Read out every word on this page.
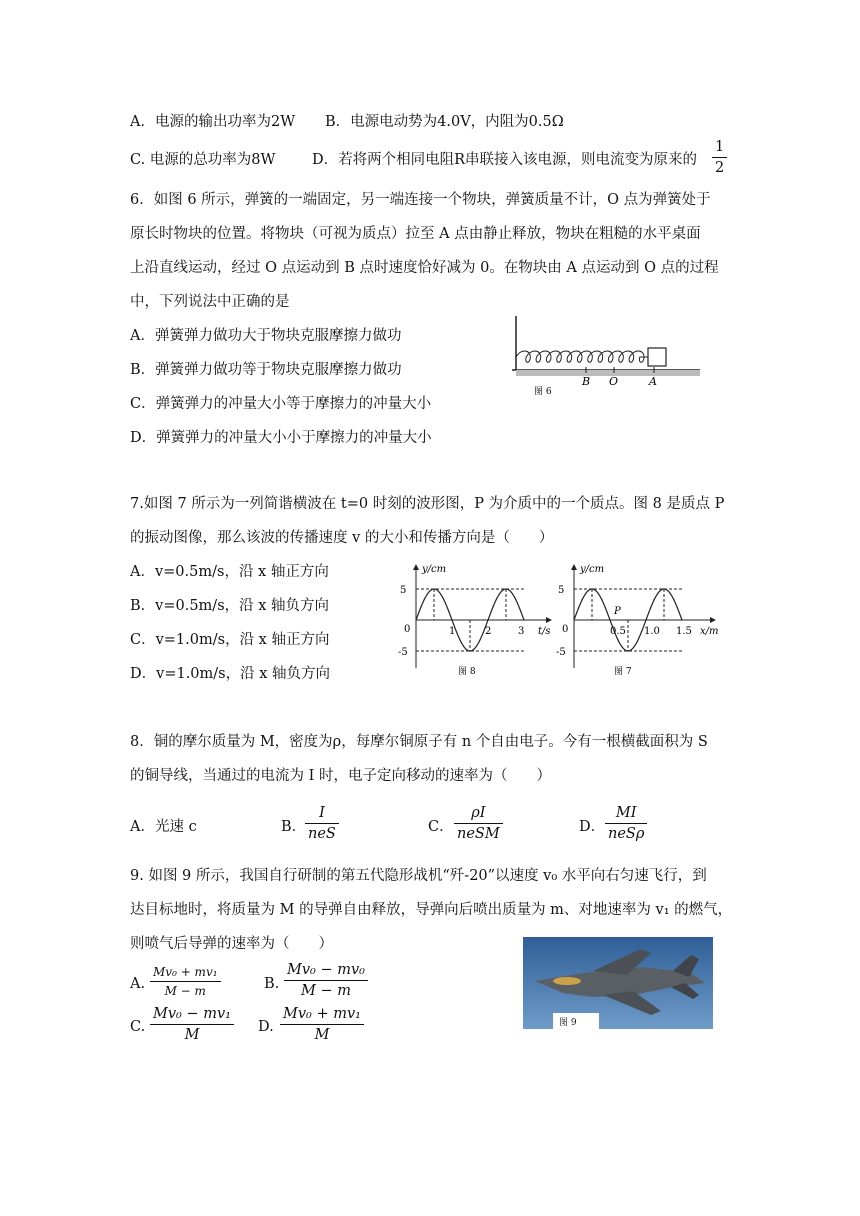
A．电源的输出功率为2W B．电源电动势为4.0V，内阻为0.5Ω
C. 电源的总功率为8W	D．若将两个相同电阻R串联接入该电源，则电流变为原来的 $\frac{1}{2}$
6．如图 6 所示，弹簧的一端固定，另一端连接一个物块，弹簧质量不计，O 点为弹簧处于
原长时物块的位置。将物块（可视为质点）拉至 A 点由静止释放，物块在粗糙的水平桌面
上沿直线运动，经过 O 点运动到 B 点时速度恰好减为 0。在物块由 A 点运动到 O 点的过程
中，下列说法中正确的是
A．弹簧弹力做功大于物块克服摩擦力做功
B．弹簧弹力做功等于物块克服摩擦力做功
C．弹簧弹力的冲量大小等于摩擦力的冲量大小
D．弹簧弹力的冲量大小小于摩擦力的冲量大小
B O	A
图 6
7.如图 7 所示为一列简谐横波在 t=0 时刻的波形图，P 为介质中的一个质点。图 8 是质点 P
的振动图像，那么该波的传播速度 v 的大小和传播方向是（　　）
A．v=0.5m/s，沿 x 轴正方向
B．v=0.5m/s，沿 x 轴负方向
C．v=1.0m/s，沿 x 轴正方向
D．v=1.0m/s，沿 x 轴负方向
y/cm
t/s
5
0
-5
1	2	3
图 8
y/cm
x/m
P
5
0
-5
0.5 1.0 1.5
图 7
8．铜的摩尔质量为 M，密度为ρ，每摩尔铜原子有 n 个自由电子。今有一根横截面积为 S
的铜导线，当通过的电流为 I 时，电子定向移动的速率为（　　）
A．光速 c	B．
I
neS	C．
ρI
neSM	D．
MI
neSρ
9. 如图 9 所示，我国自行研制的第五代隐形战机“歼-20”以速度 v₀ 水平向右匀速飞行，到
达目标地时，将质量为 M 的导弹自由释放，导弹向后喷出质量为 m、对地速率为 v₁ 的燃气，
则喷气后导弹的速率为（　　）
A. $\frac{\text{Mv₀ + mv₁}}{M - m}$	B. $\frac{\text{Mv₀ − mv₀}}{M - m}$
C. $\frac{\text{Mv₀ − mv₁}}{M} D$. $\frac{\text{Mv₀ + mv₁}}{M}$	图 9
